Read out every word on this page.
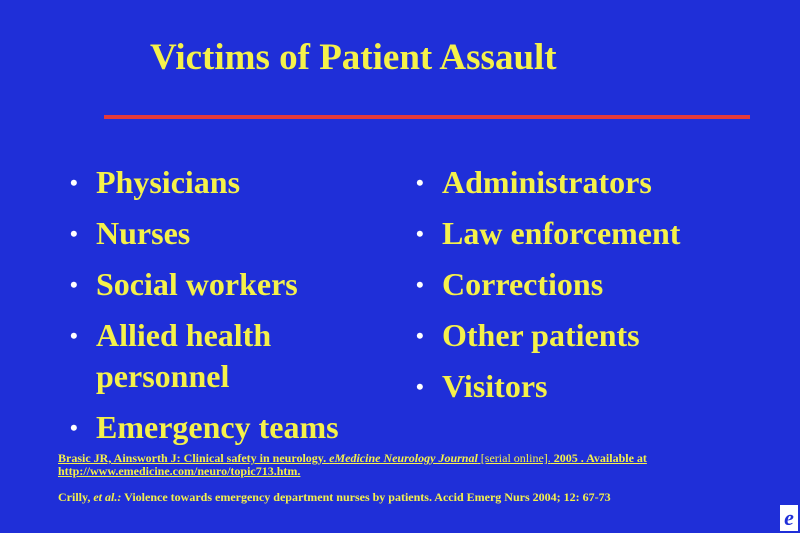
Victims of Patient Assault
• Physicians
• Nurses
• Social workers
• Allied health personnel
• Emergency teams
• Administrators
• Law enforcement
• Corrections
• Other patients
• Visitors
Brasic JR, Ainsworth J: Clinical safety in neurology. eMedicine Neurology Journal [serial online]. 2005 . Available at http://www.emedicine.com/neuro/topic713.htm.
Crilly, et al.: Violence towards emergency department nurses by patients. Accid Emerg Nurs 2004; 12: 67-73
e
